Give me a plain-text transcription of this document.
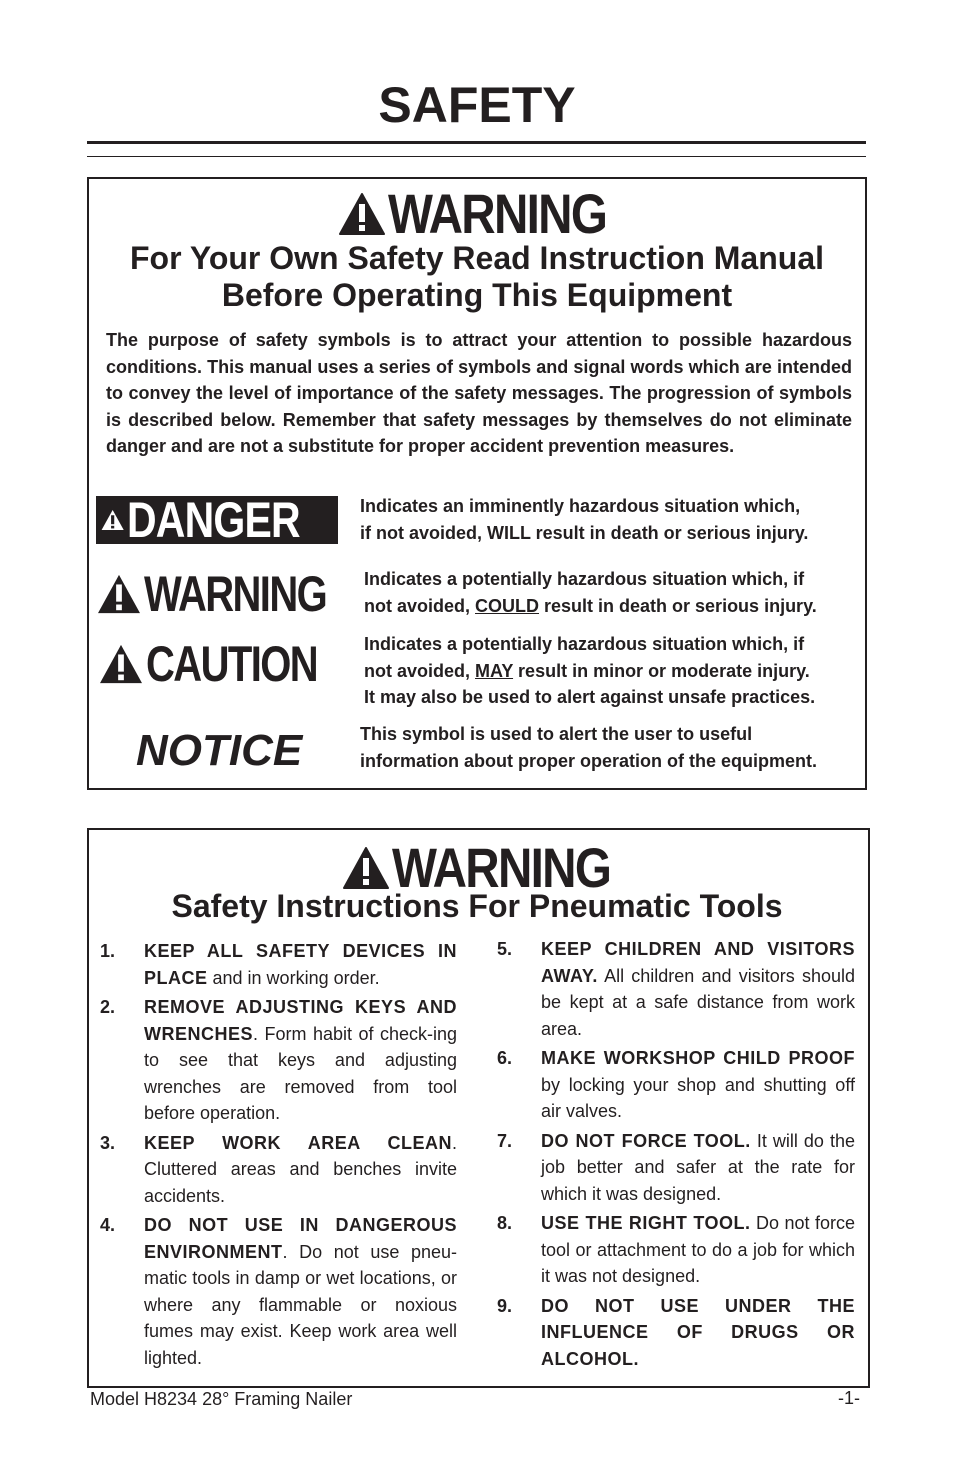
SAFETY
WARNING
For Your Own Safety Read Instruction Manual
Before Operating This Equipment
The purpose of safety symbols is to attract your attention to possible hazardous conditions. This manual uses a series of symbols and signal words which are intended to convey the level of importance of the safety messages. The progression of symbols is described below. Remember that safety messages by themselves do not eliminate danger and are not a substitute for proper accident prevention measures.
DANGER	Indicates an imminently hazardous situation which,
if not avoided, WILL result in death or serious injury.
WARNING Indicates a potentially hazardous situation which, if
not avoided, COULD result in death or serious injury.
CAUTION	Indicates a potentially hazardous situation which, if
not avoided, MAY result in minor or moderate injury.
It may also be used to alert against unsafe practices.
NOTICE	This symbol is used to alert the user to useful
information about proper operation of the equipment.
WARNING
Safety Instructions For Pneumatic Tools
1.	KEEP ALL SAFETY DEVICES IN PLACE and in working order.
2.	REMOVE ADJUSTING KEYS AND WRENCHES. Form habit of check-ing to see that keys and adjusting wrenches are removed from tool before operation.
3.	KEEP WORK AREA CLEAN. Cluttered areas and benches invite accidents.
4.	DO NOT USE IN DANGEROUS ENVIRONMENT. Do not use pneu-matic tools in damp or wet locations, or where any flammable or noxious fumes may exist. Keep work area well lighted.
5.	KEEP CHILDREN AND VISITORS AWAY. All children and visitors should be kept at a safe distance from work area.
6.	MAKE WORKSHOP CHILD PROOF by locking your shop and shutting off air valves.
7.	DO NOT FORCE TOOL. It will do the job better and safer at the rate for which it was designed.
8.	USE THE RIGHT TOOL. Do not force tool or attachment to do a job for which it was not designed.
9.	DO NOT USE UNDER THE INFLUENCE OF DRUGS OR ALCOHOL.
Model H8234 28° Framing Nailer	-1-
